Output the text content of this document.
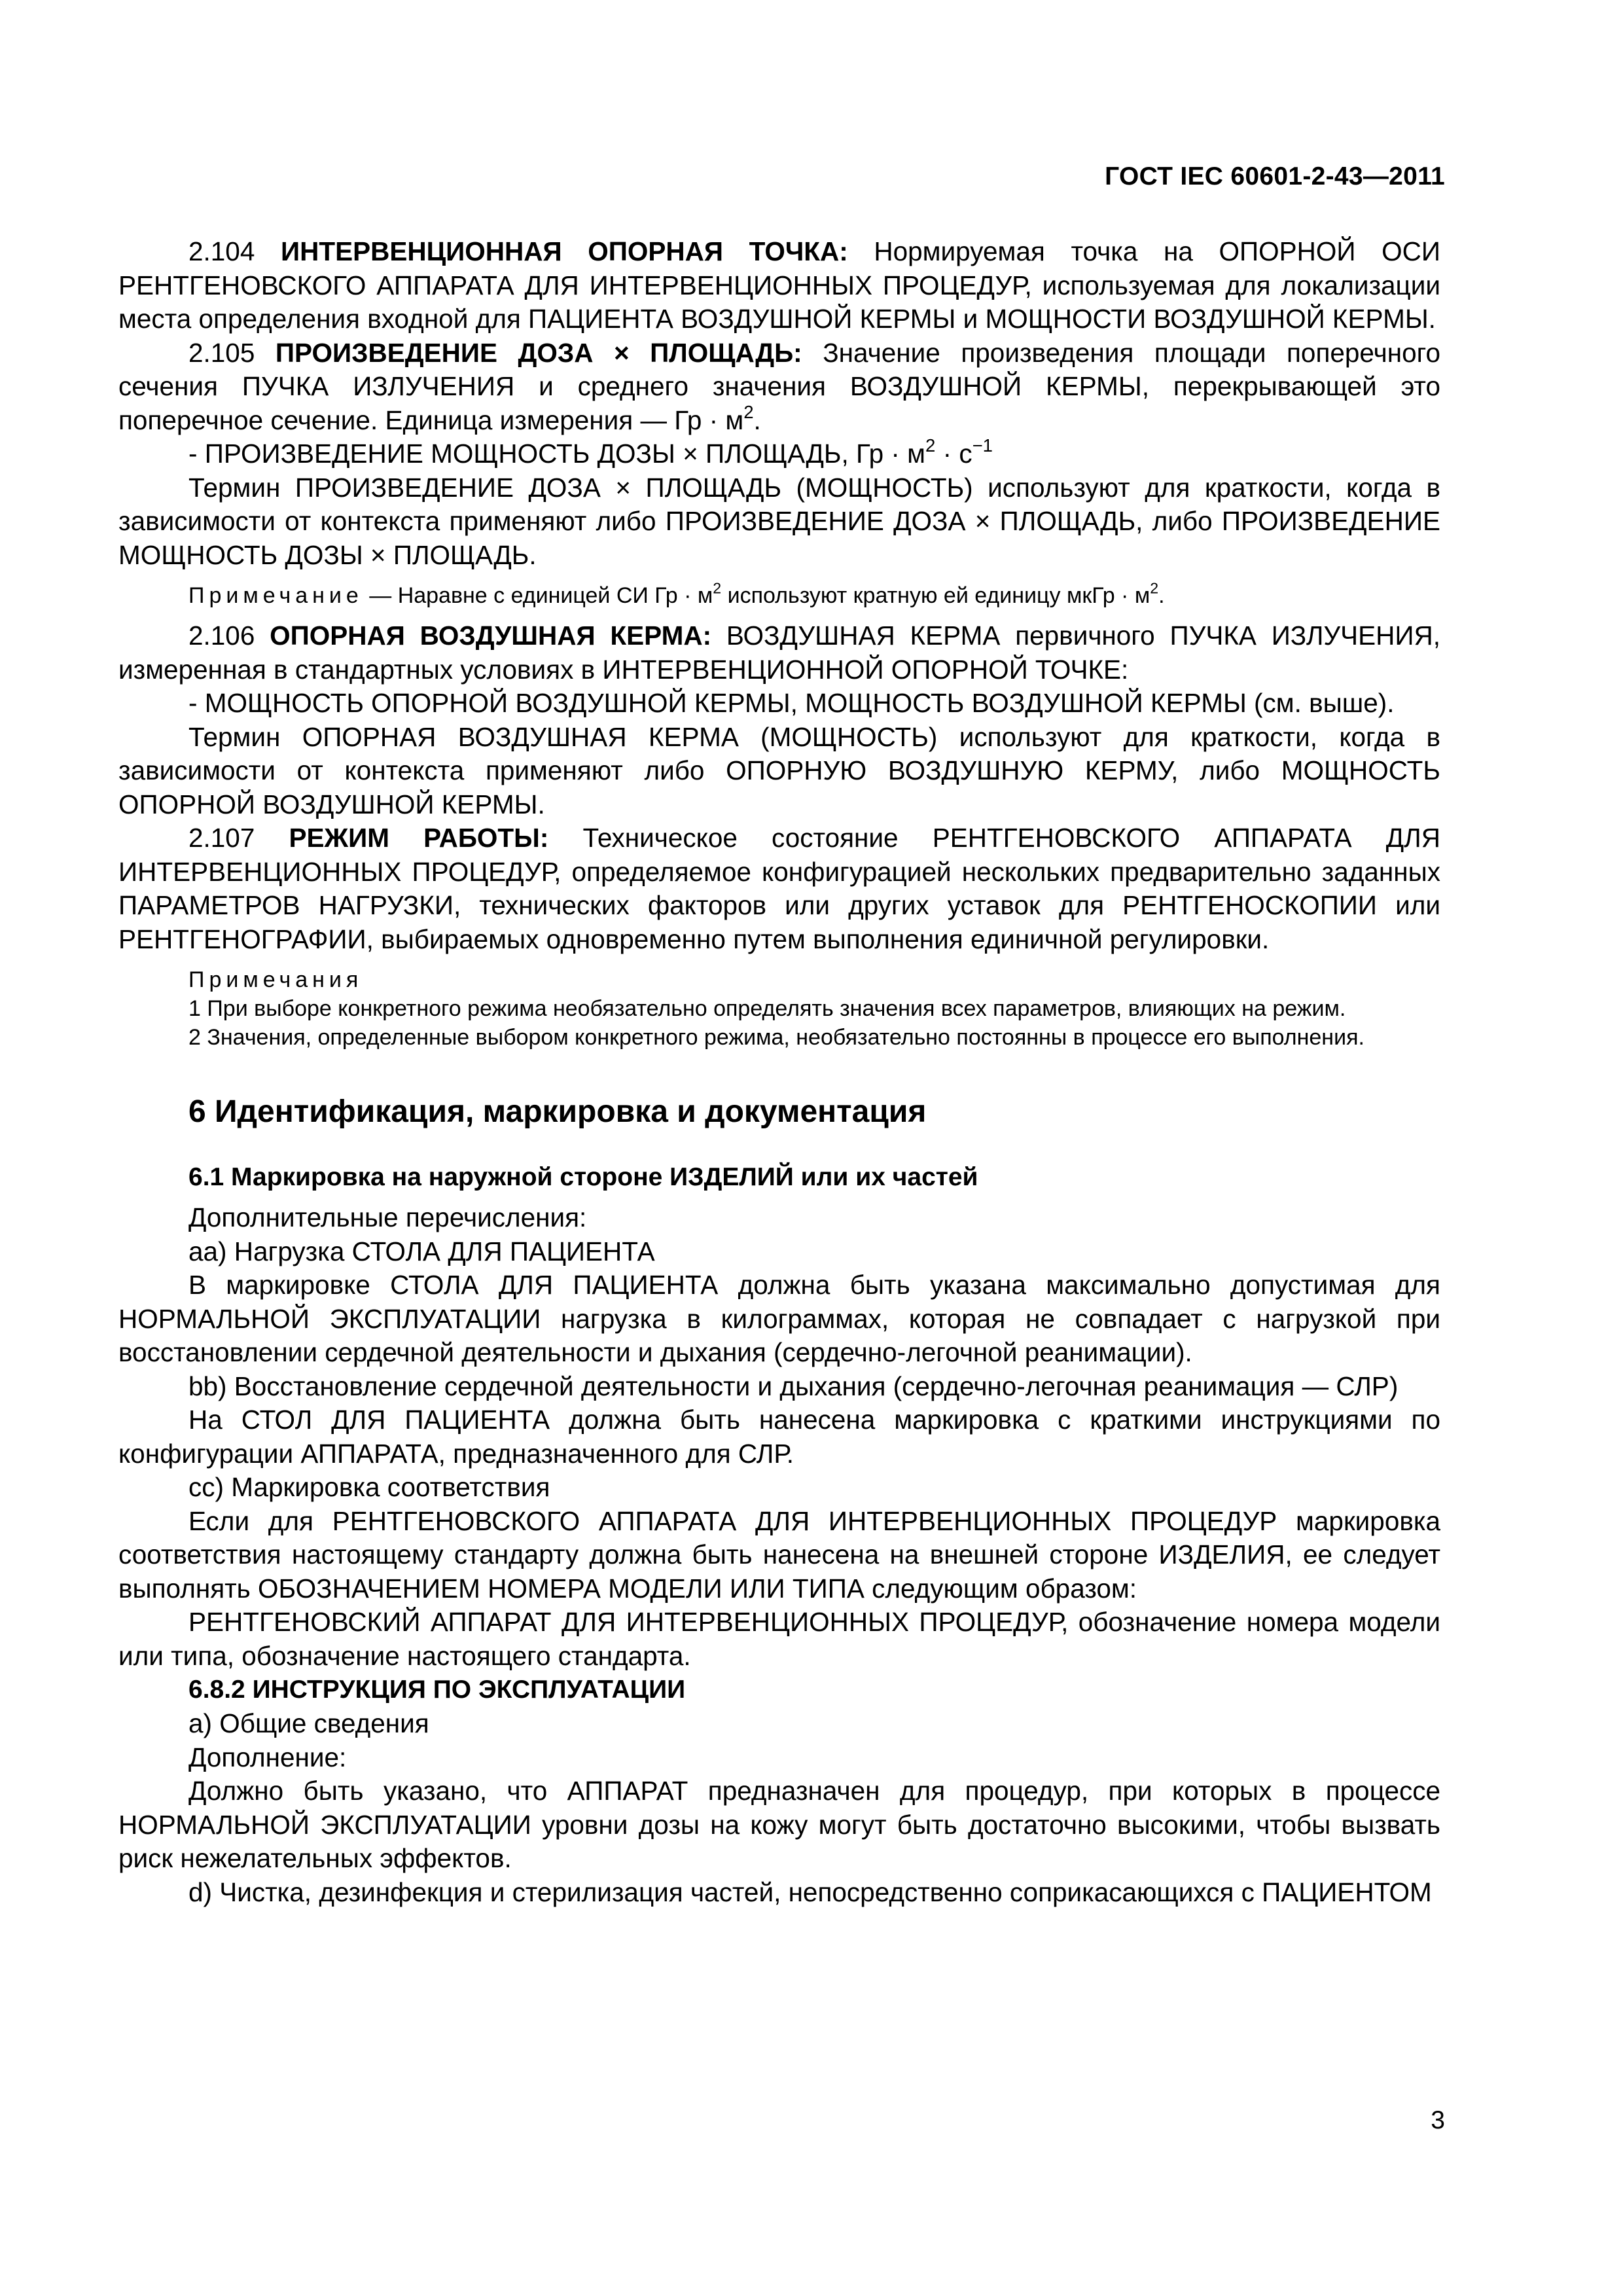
ГОСТ IEC 60601-2-43—2011

2.104 ИНТЕРВЕНЦИОННАЯ ОПОРНАЯ ТОЧКА: Нормируемая точка на ОПОРНОЙ ОСИ РЕНТГЕНОВСКОГО АППАРАТА ДЛЯ ИНТЕРВЕНЦИОННЫХ ПРОЦЕДУР, используемая для локализации места определения входной для ПАЦИЕНТА ВОЗДУШНОЙ КЕРМЫ и МОЩНОСТИ ВОЗДУШНОЙ КЕРМЫ.

2.105 ПРОИЗВЕДЕНИЕ ДОЗА × ПЛОЩАДЬ: Значение произведения площади поперечного сечения ПУЧКА ИЗЛУЧЕНИЯ и среднего значения ВОЗДУШНОЙ КЕРМЫ, перекрывающей это поперечное сечение. Единица измерения — Гр · $м^2$.

- ПРОИЗВЕДЕНИЕ МОЩНОСТЬ ДОЗЫ × ПЛОЩАДЬ, Гр · $м^2 \cdot с^{-1}$

Термин ПРОИЗВЕДЕНИЕ ДОЗА × ПЛОЩАДЬ (МОЩНОСТЬ) используют для краткости, когда в зависимости от контекста применяют либо ПРОИЗВЕДЕНИЕ ДОЗА × ПЛОЩАДЬ, либо ПРОИЗВЕДЕНИЕ МОЩНОСТЬ ДОЗЫ × ПЛОЩАДЬ.

Примечание — Наравне с единицей СИ Гр · $м^2$ используют кратную ей единицу мкГр · $м^2$.

2.106 ОПОРНАЯ ВОЗДУШНАЯ КЕРМА: ВОЗДУШНАЯ КЕРМА первичного ПУЧКА ИЗЛУЧЕНИЯ, измеренная в стандартных условиях в ИНТЕРВЕНЦИОННОЙ ОПОРНОЙ ТОЧКЕ:

- МОЩНОСТЬ ОПОРНОЙ ВОЗДУШНОЙ КЕРМЫ, МОЩНОСТЬ ВОЗДУШНОЙ КЕРМЫ (см. выше).

Термин ОПОРНАЯ ВОЗДУШНАЯ КЕРМА (МОЩНОСТЬ) используют для краткости, когда в зависимости от контекста применяют либо ОПОРНУЮ ВОЗДУШНУЮ КЕРМУ, либо МОЩНОСТЬ ОПОРНОЙ ВОЗДУШНОЙ КЕРМЫ.

2.107 РЕЖИМ РАБОТЫ: Техническое состояние РЕНТГЕНОВСКОГО АППАРАТА ДЛЯ ИНТЕРВЕНЦИОННЫХ ПРОЦЕДУР, определяемое конфигурацией нескольких предварительно заданных ПАРАМЕТРОВ НАГРУЗКИ, технических факторов или других уставок для РЕНТГЕНОСКОПИИ или РЕНТГЕНОГРАФИИ, выбираемых одновременно путем выполнения единичной регулировки.

Примечания

1 При выборе конкретного режима необязательно определять значения всех параметров, влияющих на режим.

2 Значения, определенные выбором конкретного режима, необязательно постоянны в процессе его выполнения.

6 Идентификация, маркировка и документация
6.1 Маркировка на наружной стороне ИЗДЕЛИЙ или их частей

Дополнительные перечисления:

аа) Нагрузка СТОЛА ДЛЯ ПАЦИЕНТА

В маркировке СТОЛА ДЛЯ ПАЦИЕНТА должна быть указана максимально допустимая для НОРМАЛЬНОЙ ЭКСПЛУАТАЦИИ нагрузка в килограммах, которая не совпадает с нагрузкой при восстановлении сердечной деятельности и дыхания (сердечно-легочной реанимации).

bb) Восстановление сердечной деятельности и дыхания (сердечно-легочная реанимация — СЛР)

На СТОЛ ДЛЯ ПАЦИЕНТА должна быть нанесена маркировка с краткими инструкциями по конфигурации АППАРАТА, предназначенного для СЛР.

сс) Маркировка соответствия

Если для РЕНТГЕНОВСКОГО АППАРАТА ДЛЯ ИНТЕРВЕНЦИОННЫХ ПРОЦЕДУР маркировка соответствия настоящему стандарту должна быть нанесена на внешней стороне ИЗДЕЛИЯ, ее следует выполнять ОБОЗНАЧЕНИЕМ НОМЕРА МОДЕЛИ ИЛИ ТИПА следующим образом:

РЕНТГЕНОВСКИЙ АППАРАТ ДЛЯ ИНТЕРВЕНЦИОННЫХ ПРОЦЕДУР, обозначение номера модели или типа, обозначение настоящего стандарта.

6.8.2 ИНСТРУКЦИЯ ПО ЭКСПЛУАТАЦИИ

а) Общие сведения

Дополнение:

Должно быть указано, что АППАРАТ предназначен для процедур, при которых в процессе НОРМАЛЬНОЙ ЭКСПЛУАТАЦИИ уровни дозы на кожу могут быть достаточно высокими, чтобы вызвать риск нежелательных эффектов.

d) Чистка, дезинфекция и стерилизация частей, непосредственно соприкасающихся с ПАЦИЕНТОМ

3
